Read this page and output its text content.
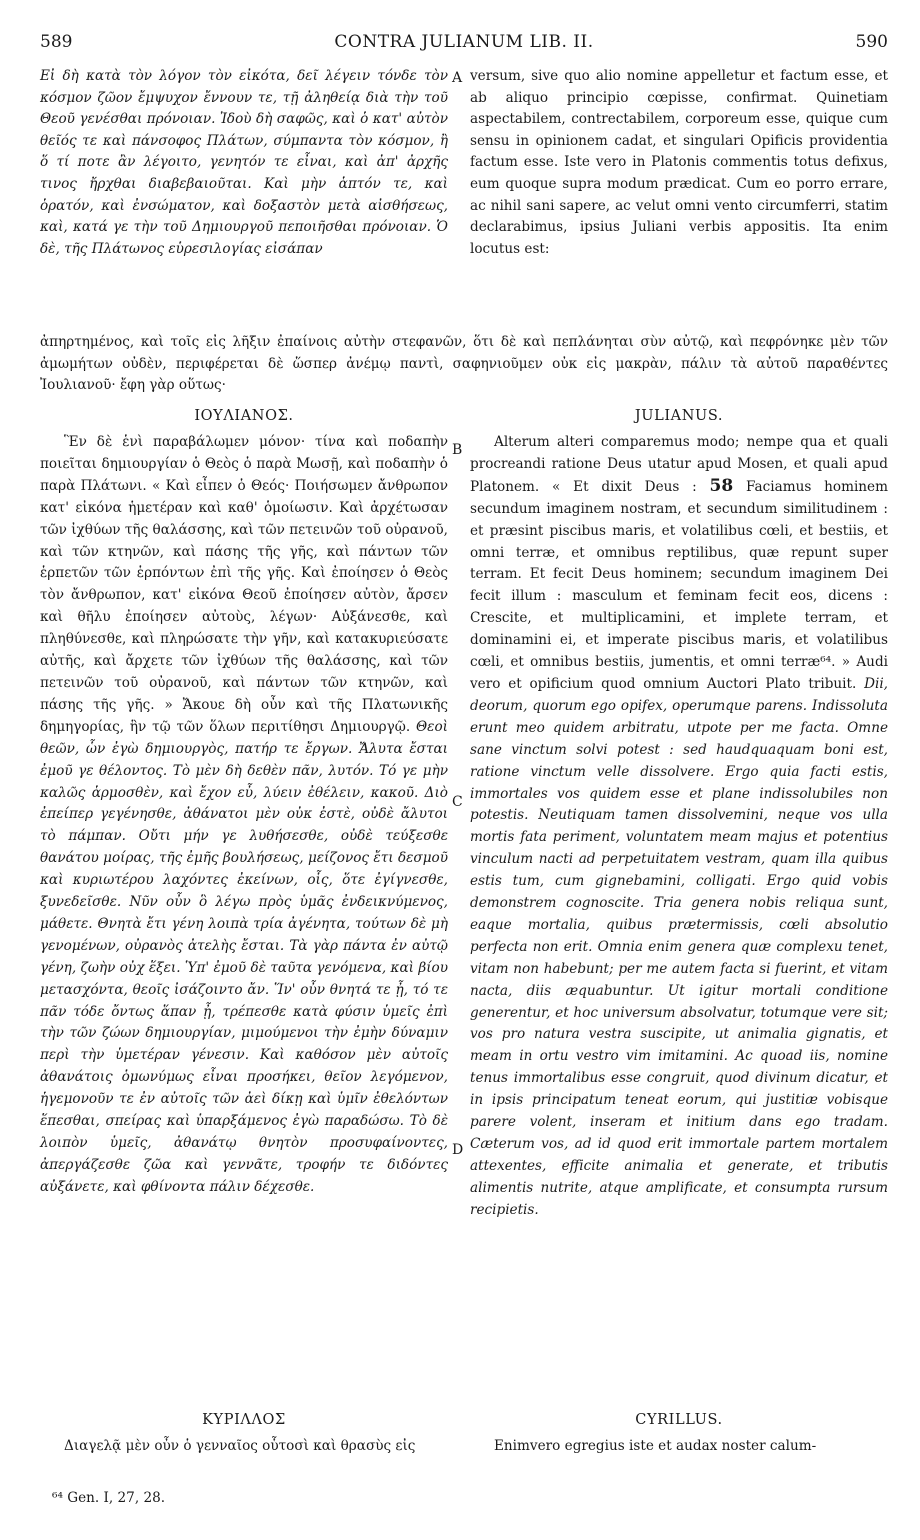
589	CONTRA JULIANUM LIB. II.	590

Εἰ δὴ κατὰ τὸν λόγον τὸν εἰκότα, δεῖ λέγειν τόνδε τὸν κόσμον ζῶον ἔμψυχον ἔννουν τε, τῇ ἀληθείᾳ διὰ τὴν τοῦ Θεοῦ γενέσθαι πρόνοιαν. Ἰδοὺ δὴ σαφῶς, καὶ ὁ κατ' αὐτὸν θεῖός τε καὶ πάνσοφος Πλάτων, σύμπαντα τὸν κόσμον, ἢ ὅ τί ποτε ἂν λέγοιτο, γενητόν τε εἶναι, καὶ ἀπ' ἀρχῆς τινος ἤρχθαι διαβεβαιοῦται. Καὶ μὴν ἁπτόν τε, καὶ ὁρατόν, καὶ ἐνσώματον, καὶ δοξαστὸν μετὰ αἰσθήσεως, καὶ, κατά γε τὴν τοῦ Δημιουργοῦ πεποιῆσθαι πρόνοιαν. Ὁ δὲ, τῆς Πλάτωνος εὑρεσιλογίας εἰσάπαν

A versum, sive quo alio nomine appelletur et factum esse, et ab aliquo principio cœpisse, confirmat. Quinetiam aspectabilem, contrectabilem, corporeum esse, quique cum sensu in opinionem cadat, et singulari Opificis providentia factum esse. Iste vero in Platonis commentis totus defixus, eum quoque supra modum prædicat. Cum eo porro errare, ac nihil sani sapere, ac velut omni vento circumferri, statim declarabimus, ipsius Juliani verbis appositis. Ita enim locutus est:

ἀπηρτημένος, καὶ τοῖς εἰς λῆξιν ἐπαίνοις αὐτὴν στεφανῶν, ὅτι δὲ καὶ πεπλάνηται σὺν αὐτῷ, καὶ πεφρόνηκε μὲν τῶν ἀμωμήτων οὐδὲν, περιφέρεται δὲ ὥσπερ ἀνέμῳ παντὶ, σαφηνιοῦμεν οὐκ εἰς μακρὰν, πάλιν τὰ αὐτοῦ παραθέντες Ἰουλιανοῦ· ἔφη γὰρ οὕτως·

ΙΟΥΛΙΑΝΟΣ.	JULIANUS.

Ἓν δὲ ἑνὶ παραβάλωμεν μόνον· τίνα καὶ ποδαπὴν ποιεῖται δημιουργίαν ὁ Θεὸς ὁ παρὰ Μωσῇ, καὶ ποδαπὴν ὁ παρὰ Πλάτωνι. « Καὶ εἶπεν ὁ Θεός· Ποιήσωμεν ἄνθρωπον κατ' εἰκόνα ἡμετέραν καὶ καθ' ὁμοίωσιν. Καὶ ἀρχέτωσαν τῶν ἰχθύων τῆς θαλάσσης, καὶ τῶν πετεινῶν τοῦ οὐρανοῦ, καὶ τῶν κτηνῶν, καὶ πάσης τῆς γῆς, καὶ πάντων τῶν ἑρπετῶν τῶν ἑρπόντων ἐπὶ τῆς γῆς. Καὶ ἐποίησεν ὁ Θεὸς τὸν ἄνθρωπον, κατ' εἰκόνα Θεοῦ ἐποίησεν αὐτὸν, ἄρσεν καὶ θῆλυ ἐποίησεν αὐτοὺς, λέγων· Αὐξάνεσθε, καὶ πληθύνεσθε, καὶ πληρώσατε τὴν γῆν, καὶ κατακυριεύσατε αὐτῆς, καὶ ἄρχετε τῶν ἰχθύων τῆς θαλάσσης, καὶ τῶν πετεινῶν τοῦ οὐρανοῦ, καὶ πάντων τῶν κτηνῶν, καὶ πάσης τῆς γῆς. » Ἄκουε δὴ οὖν καὶ τῆς Πλατωνικῆς δημηγορίας, ἣν τῷ τῶν ὅλων περιτίθησι Δημιουργῷ. Θεοὶ θεῶν, ὧν ἐγὼ δημιουργὸς, πατήρ τε ἔργων. Ἄλυτα ἔσται ἐμοῦ γε θέλοντος. Τὸ μὲν δὴ δεθὲν πᾶν, λυτόν. Τό γε μὴν καλῶς ἁρμοσθὲν, καὶ ἔχον εὖ, λύειν ἐθέλειν, κακοῦ. Διὸ ἐπείπερ γεγένησθε, ἀθάνατοι μὲν οὐκ ἐστὲ, οὐδὲ ἄλυτοι τὸ πάμπαν. Οὔτι μήν γε λυθήσεσθε, οὐδὲ τεύξεσθε θανάτου μοίρας, τῆς ἐμῆς βουλήσεως, μείζονος ἔτι δεσμοῦ καὶ κυριωτέρου λαχόντες ἐκείνων, οἷς, ὅτε ἐγίγνεσθε, ξυνεδεῖσθε. Νῦν οὖν ὃ λέγω πρὸς ὑμᾶς ἐνδεικνύμενος, μάθετε. Θνητὰ ἔτι γένη λοιπὰ τρία ἀγένητα, τούτων δὲ μὴ γενομένων, οὐρανὸς ἀτελὴς ἔσται. Τὰ γὰρ πάντα ἐν αὐτῷ γένη, ζωὴν οὐχ ἕξει. Ὑπ' ἐμοῦ δὲ ταῦτα γενόμενα, καὶ βίου μετασχόντα, θεοῖς ἰσάζοιντο ἄν. Ἵν' οὖν θνητά τε ᾖ, τό τε πᾶν τόδε ὄντως ἅπαν ᾖ, τρέπεσθε κατὰ φύσιν ὑμεῖς ἐπὶ τὴν τῶν ζώων δημιουργίαν, μιμούμενοι τὴν ἐμὴν δύναμιν περὶ τὴν ὑμετέραν γένεσιν. Καὶ καθόσον μὲν αὐτοῖς ἀθανάτοις ὁμωνύμως εἶναι προσήκει, θεῖον λεγόμενον, ἡγεμονοῦν τε ἐν αὐτοῖς τῶν ἀεὶ δίκῃ καὶ ὑμῖν ἐθελόντων ἕπεσθαι, σπείρας καὶ ὑπαρξάμενος ἐγὼ παραδώσω. Τὸ δὲ λοιπὸν ὑμεῖς, ἀθανάτῳ θνητὸν προσυφαίνοντες, ἀπεργάζεσθε ζῶα καὶ γεννᾶτε, τροφήν τε διδόντες αὐξάνετε, καὶ φθίνοντα πάλιν δέχεσθε.

B
C
D

Alterum alteri comparemus modo; nempe qua et quali procreandi ratione Deus utatur apud Mosen, et quali apud Platonem. « Et dixit Deus : 58 Faciamus hominem secundum imaginem nostram, et secundum similitudinem : et præsint piscibus maris, et volatilibus cœli, et bestiis, et omni terræ, et omnibus reptilibus, quæ repunt super terram. Et fecit Deus hominem; secundum imaginem Dei fecit illum : masculum et feminam fecit eos, dicens : Crescite, et multiplicamini, et implete terram, et dominamini ei, et imperate piscibus maris, et volatilibus cœli, et omnibus bestiis, jumentis, et omni terræ⁶⁴. » Audi vero et opificium quod omnium Auctori Plato tribuit. Dii, deorum, quorum ego opifex, operumque parens. Indissoluta erunt meo quidem arbitratu, utpote per me facta. Omne sane vinctum solvi potest : sed haudquaquam boni est, ratione vinctum velle dissolvere. Ergo quia facti estis, immortales vos quidem esse et plane indissolubiles non potestis. Neutiquam tamen dissolvemini, neque vos ulla mortis fata periment, voluntatem meam majus et potentius vinculum nacti ad perpetuitatem vestram, quam illa quibus estis tum, cum gignebamini, colligati. Ergo quid vobis demonstrem cognoscite. Tria genera nobis reliqua sunt, eaque mortalia, quibus prætermissis, cœli absolutio perfecta non erit. Omnia enim genera quæ complexu tenet, vitam non habebunt; per me autem facta si fuerint, et vitam nacta, diis æquabuntur. Ut igitur mortali conditione generentur, et hoc universum absolvatur, totumque vere sit; vos pro natura vestra suscipite, ut animalia gignatis, et meam in ortu vestro vim imitamini. Ac quoad iis, nomine tenus immortalibus esse congruit, quod divinum dicatur, et in ipsis principatum teneat eorum, qui justitiæ vobisque parere volent, inseram et initium dans ego tradam. Cæterum vos, ad id quod erit immortale partem mortalem attexentes, efficite animalia et generate, et tributis alimentis nutrite, atque amplificate, et consumpta rursum recipietis.

ΚΥΡΙΛΛΟΣ	CYRILLUS.

Διαγελᾷ μὲν οὖν ὁ γενναῖος οὗτοσὶ καὶ θρασὺς εἰς	Enimvero egregius iste et audax noster calum-

⁶⁴ Gen. I, 27, 28.
